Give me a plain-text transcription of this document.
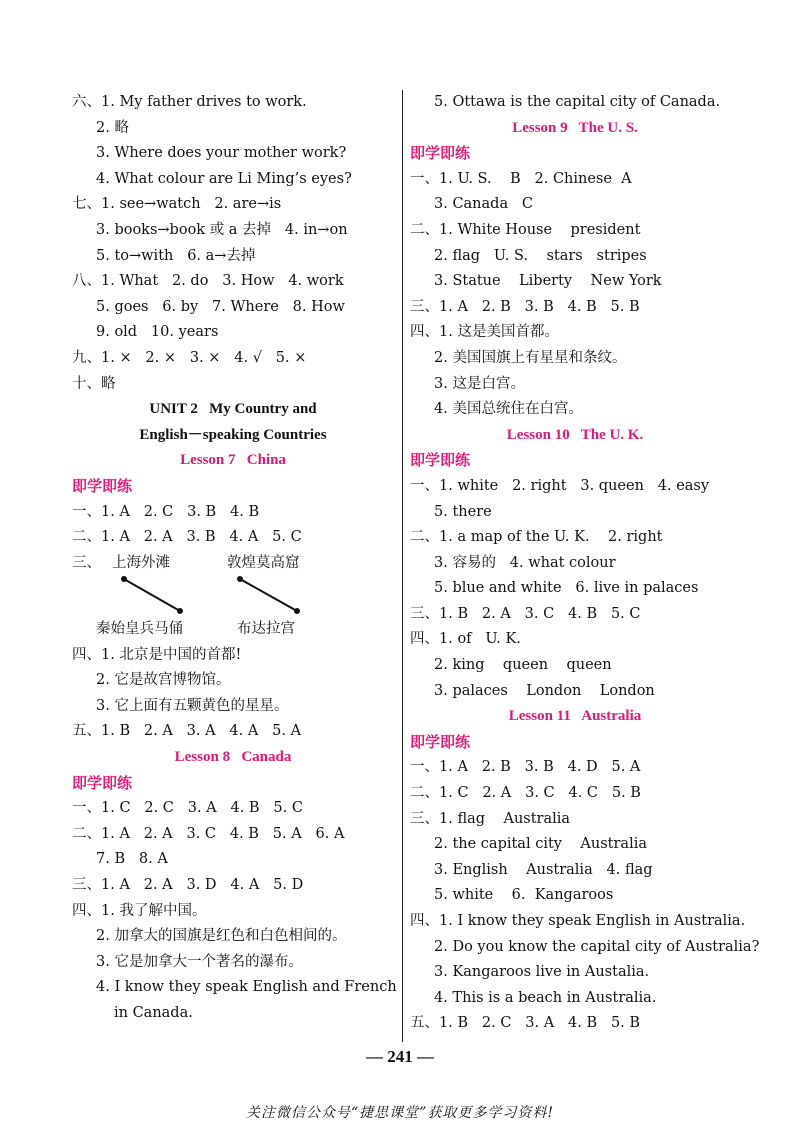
六、1. My father drives to work.
2. 略
3. Where does your mother work?
4. What colour are Li Ming’s eyes?
七、1. see→watch   2. are→is
3. books→book 或 a 去掉   4. in→on
5. to→with   6. a→去掉
八、1. What   2. do   3. How   4. work
5. goes   6. by   7. Where   8. How
9. old   10. years
九、1. ×   2. ×   3. ×   4. √   5. ×
十、略
UNIT 2   My Country and
English－speaking Countries
Lesson 7   China
即学即练
一、1. A   2. C   3. B   4. B
二、1. A   2. A   3. B   4. A   5. C
三、 上海外滩	敦煌莫高窟
秦始皇兵马俑	布达拉宫
四、1. 北京是中国的首都!
2. 它是故宫博物馆。
3. 它上面有五颗黄色的星星。
五、1. B   2. A   3. A   4. A   5. A
Lesson 8   Canada
即学即练
一、1. C   2. C   3. A   4. B   5. C
二、1. A   2. A   3. C   4. B   5. A   6. A
7. B   8. A
三、1. A   2. A   3. D   4. A   5. D
四、1. 我了解中国。
2. 加拿大的国旗是红色和白色相间的。
3. 它是加拿大一个著名的瀑布。
4. I know they speak English and French
in Canada.
5. Ottawa is the capital city of Canada.
Lesson 9   The U. S.
即学即练
一、1. U. S.    B   2. Chinese  A
3. Canada   C
二、1. White House    president
2. flag   U. S.    stars   stripes
3. Statue    Liberty    New York
三、1. A   2. B   3. B   4. B   5. B
四、1. 这是美国首都。
2. 美国国旗上有星星和条纹。
3. 这是白宫。
4. 美国总统住在白宫。
Lesson 10   The U. K.
即学即练
一、1. white   2. right   3. queen   4. easy
5. there
二、1. a map of the U. K.    2. right
3. 容易的   4. what colour
5. blue and white   6. live in palaces
三、1. B   2. A   3. C   4. B   5. C
四、1. of   U. K.
2. king    queen    queen
3. palaces    London    London
Lesson 11   Australia
即学即练
一、1. A   2. B   3. B   4. D   5. A
二、1. C   2. A   3. C   4. C   5. B
三、1. flag    Australia
2. the capital city    Australia
3. English    Australia   4. flag
5. white    6.  Kangaroos
四、1. I know they speak English in Australia.
2. Do you know the capital city of Australia?
3. Kangaroos live in Austalia.
4. This is a beach in Australia.
五、1. B   2. C   3. A   4. B   5. B
— 241 —
关注微信公众号“捷思课堂”获取更多学习资料!
